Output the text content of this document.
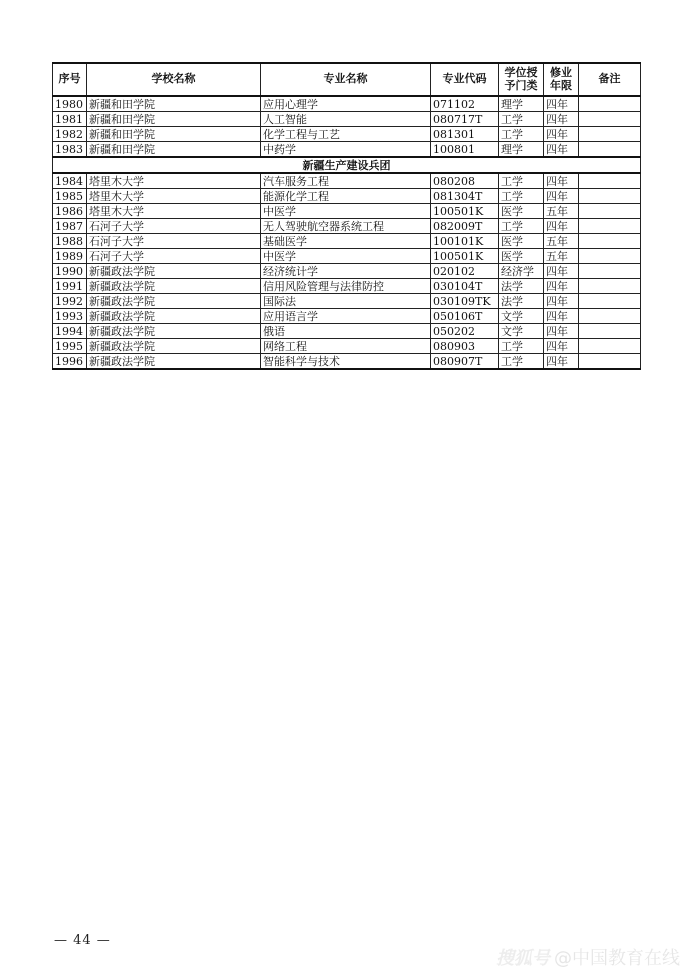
序号	学校名称	专业名称	专业代码	学位授予门类	修业年限	备注
1980	新疆和田学院	应用心理学	071102	理学	四年	
1981	新疆和田学院	人工智能	080717T	工学	四年	
1982	新疆和田学院	化学工程与工艺	081301	工学	四年	
1983	新疆和田学院	中药学	100801	理学	四年	
新疆生产建设兵团						
1984	塔里木大学	汽车服务工程	080208	工学	四年	
1985	塔里木大学	能源化学工程	081304T	工学	四年	
1986	塔里木大学	中医学	100501K	医学	五年	
1987	石河子大学	无人驾驶航空器系统工程	082009T	工学	四年	
1988	石河子大学	基础医学	100101K	医学	五年	
1989	石河子大学	中医学	100501K	医学	五年	
1990	新疆政法学院	经济统计学	020102	经济学	四年	
1991	新疆政法学院	信用风险管理与法律防控	030104T	法学	四年	
1992	新疆政法学院	国际法	030109TK	法学	四年	
1993	新疆政法学院	应用语言学	050106T	文学	四年	
1994	新疆政法学院	俄语	050202	文学	四年	
1995	新疆政法学院	网络工程	080903	工学	四年	
1996	新疆政法学院	智能科学与技术	080907T	工学	四年	
— 44 —
搜狐号 @中国教育在线
